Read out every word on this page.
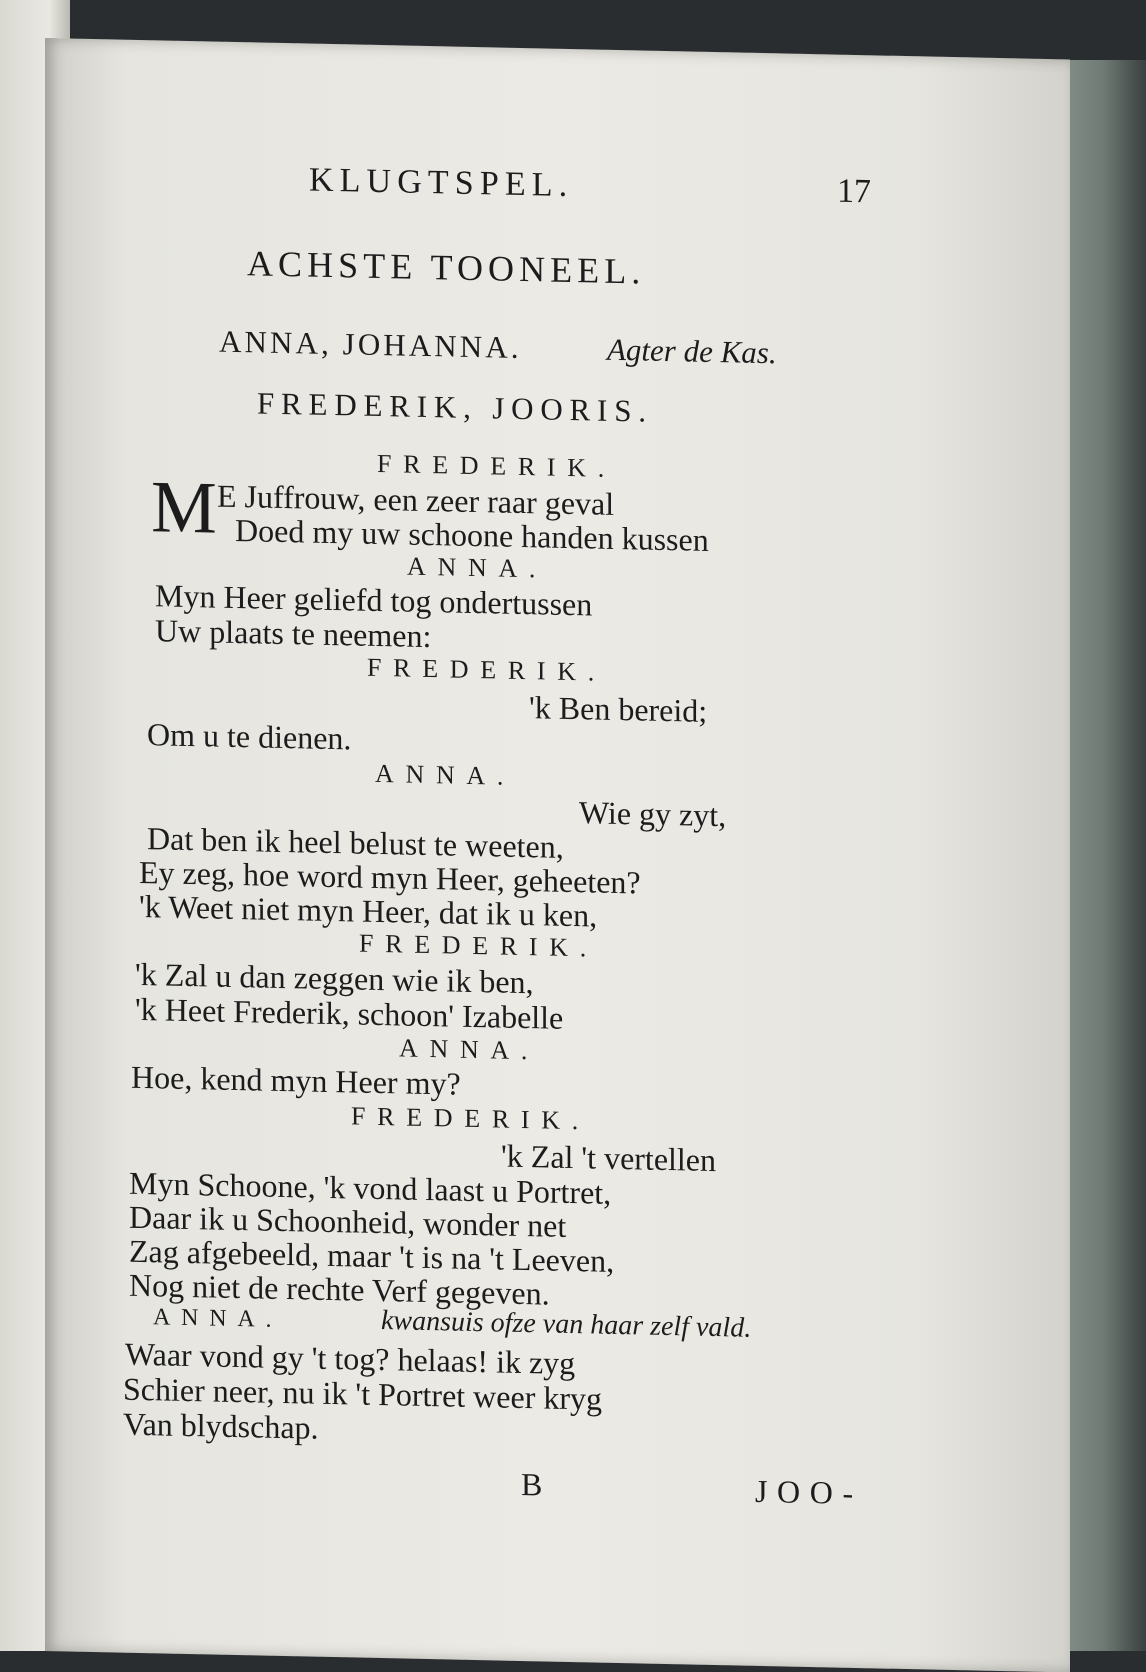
KLUGTSPEL.	17
ACHSTE TOONEEL.
ANNA, JOHANNA.	Agter de Kas.
FREDERIK, JOORIS.
FREDERIK.
M E Juffrouw, een zeer raar geval
Doed my uw schoone handen kussen
ANNA.
Myn Heer geliefd tog ondertussen
Uw plaats te neemen:
FREDERIK.
'k Ben bereid;
Om u te dienen.
ANNA.
Wie gy zyt,
Dat ben ik heel belust te weeten,
Ey zeg, hoe word myn Heer, geheeten?
'k Weet niet myn Heer, dat ik u ken,
FREDERIK.
'k Zal u dan zeggen wie ik ben,
'k Heet Frederik, schoon' Izabelle
ANNA.
Hoe, kend myn Heer my?
FREDERIK.
'k Zal 't vertellen
Myn Schoone, 'k vond laast u Portret,
Daar ik u Schoonheid, wonder net
Zag afgebeeld, maar 't is na 't Leeven,
Nog niet de rechte Verf gegeven.
ANNA.	kwansuis ofze van haar zelf vald.
Waar vond gy 't tog? helaas! ik zyg
Schier neer, nu ik 't Portret weer kryg
Van blydschap.
B	JOO-
